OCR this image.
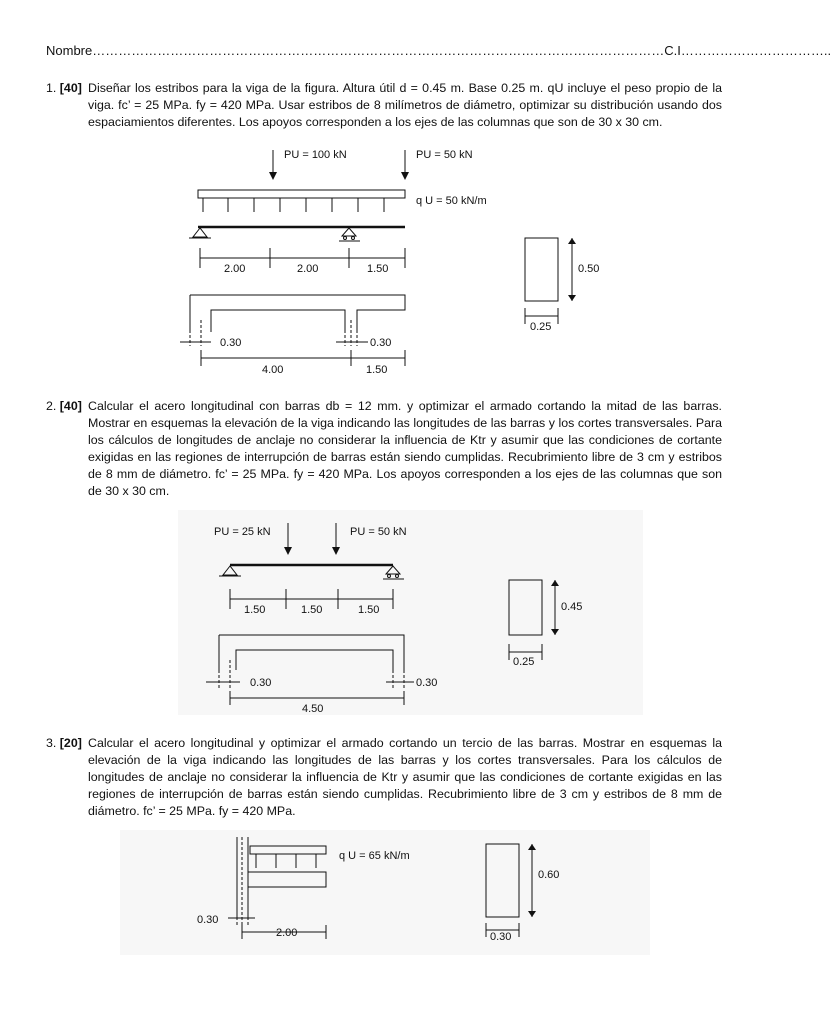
Nombre……………………………………………………………………………………………………………………C.I……………………………..
1. [40] Diseñar los estribos para la viga de la figura. Altura útil d = 0.45 m. Base 0.25 m. qU incluye el peso propio de la viga. fc’ = 25 MPa. fy = 420 MPa. Usar estribos de 8 milímetros de diámetro, optimizar su distribución usando dos espaciamientos diferentes. Los apoyos corresponden a los ejes de las columnas que son de 30 x 30 cm.
PU = 100 kN	PU = 50 kN
q U = 50 kN/m
2.00	2.00	1.50
0.30	0.30
4.00	1.50
0.50
0.25
2. [40] Calcular el acero longitudinal con barras db = 12 mm. y optimizar el armado cortando la mitad de las barras. Mostrar en esquemas la elevación de la viga indicando las longitudes de las barras y los cortes transversales. Para los cálculos de longitudes de anclaje no considerar la influencia de Ktr y asumir que las condiciones de cortante exigidas en las regiones de interrupción de barras están siendo cumplidas. Recubrimiento libre de 3 cm y estribos de 8 mm de diámetro. fc’ = 25 MPa. fy = 420 MPa. Los apoyos corresponden a los ejes de las columnas que son de 30 x 30 cm.
PU = 25 kN	PU = 50 kN
1.50	1.50	1.50
0.30	0.30
4.50
0.45
0.25
3. [20] Calcular el acero longitudinal y optimizar el armado cortando un tercio de las barras. Mostrar en esquemas la elevación de la viga indicando las longitudes de las barras y los cortes transversales. Para los cálculos de longitudes de anclaje no considerar la influencia de Ktr y asumir que las condiciones de cortante exigidas en las regiones de interrupción de barras están siendo cumplidas. Recubrimiento libre de 3 cm y estribos de 8 mm de diámetro. fc’ = 25 MPa. fy = 420 MPa.
q U = 65 kN/m
0.30
2.00
0.60
0.30
